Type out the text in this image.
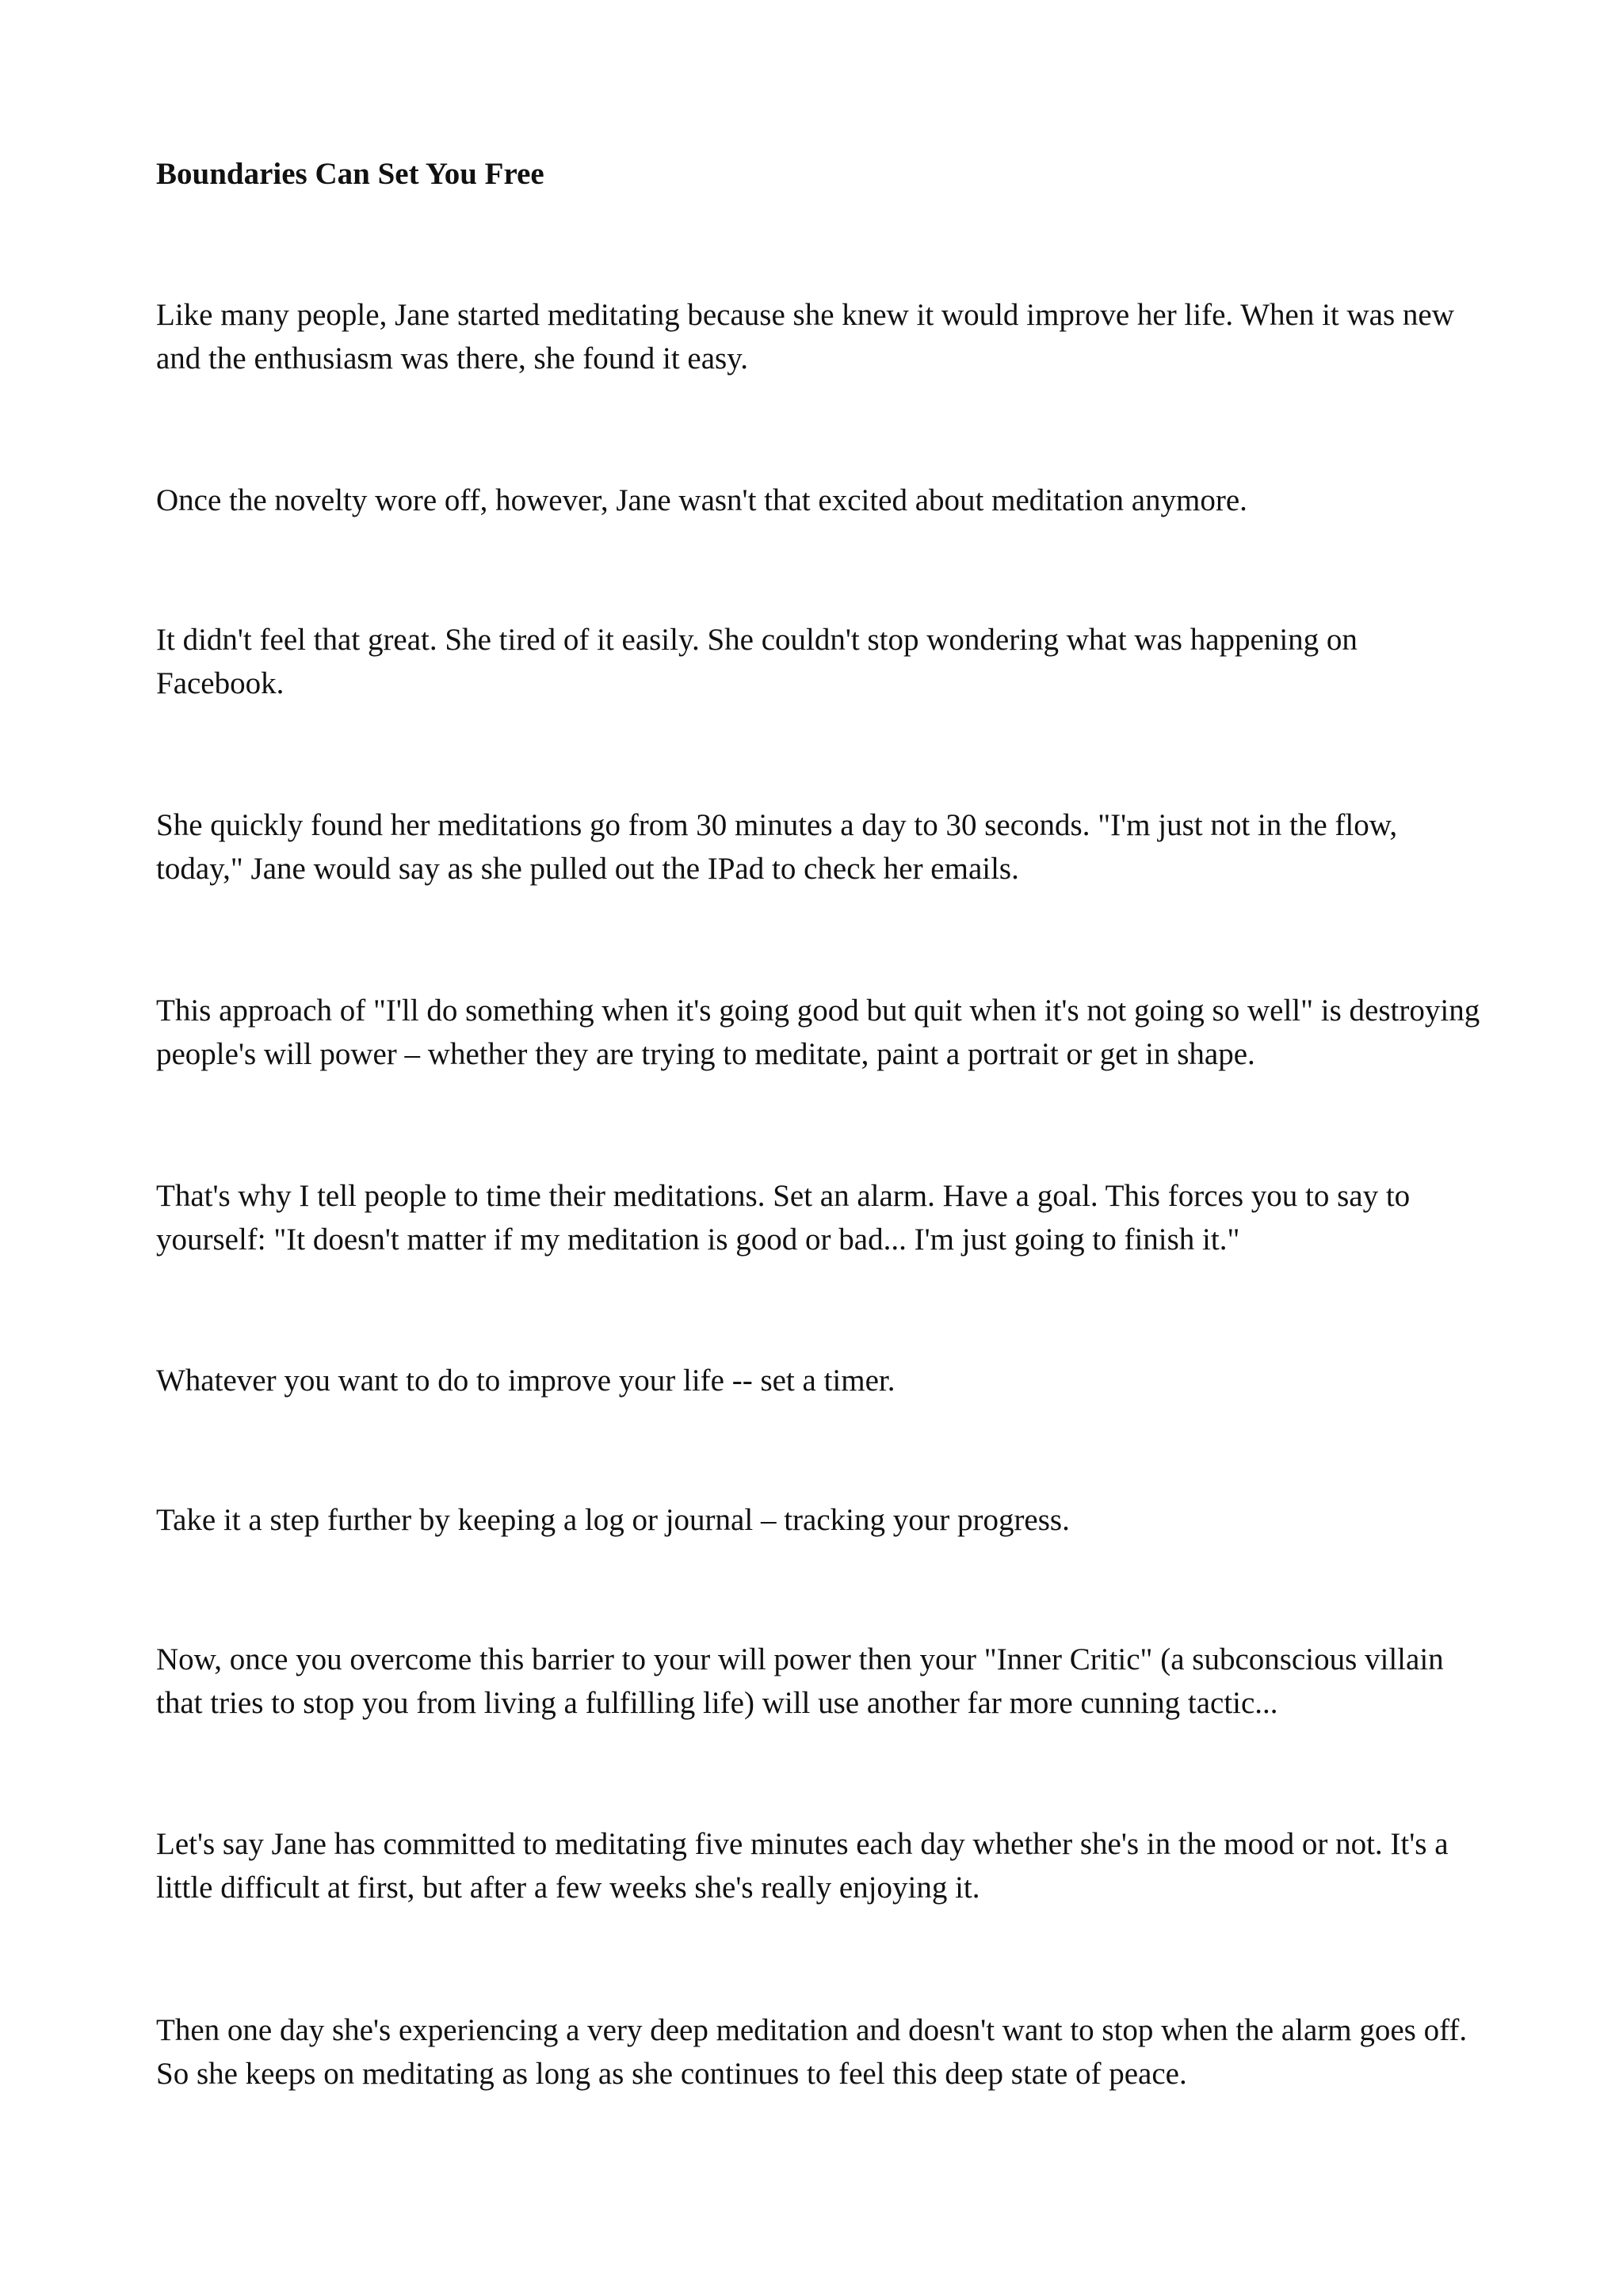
Boundaries Can Set You Free

Like many people, Jane started meditating because she knew it would improve her life. When it was new and the enthusiasm was there, she found it easy.

Once the novelty wore off, however, Jane wasn't that excited about meditation anymore.

It didn't feel that great. She tired of it easily. She couldn't stop wondering what was happening on Facebook.

She quickly found her meditations go from 30 minutes a day to 30 seconds. "I'm just not in the flow, today," Jane would say as she pulled out the IPad to check her emails.

This approach of "I'll do something when it's going good but quit when it's not going so well" is destroying people's will power – whether they are trying to meditate, paint a portrait or get in shape.

That's why I tell people to time their meditations. Set an alarm. Have a goal. This forces you to say to yourself: "It doesn't matter if my meditation is good or bad... I'm just going to finish it."

Whatever you want to do to improve your life -- set a timer.

Take it a step further by keeping a log or journal – tracking your progress.

Now, once you overcome this barrier to your will power then your "Inner Critic" (a subconscious villain that tries to stop you from living a fulfilling life) will use another far more cunning tactic...

Let's say Jane has committed to meditating five minutes each day whether she's in the mood or not. It's a little difficult at first, but after a few weeks she's really enjoying it.

Then one day she's experiencing a very deep meditation and doesn't want to stop when the alarm goes off. So she keeps on meditating as long as she continues to feel this deep state of peace.
